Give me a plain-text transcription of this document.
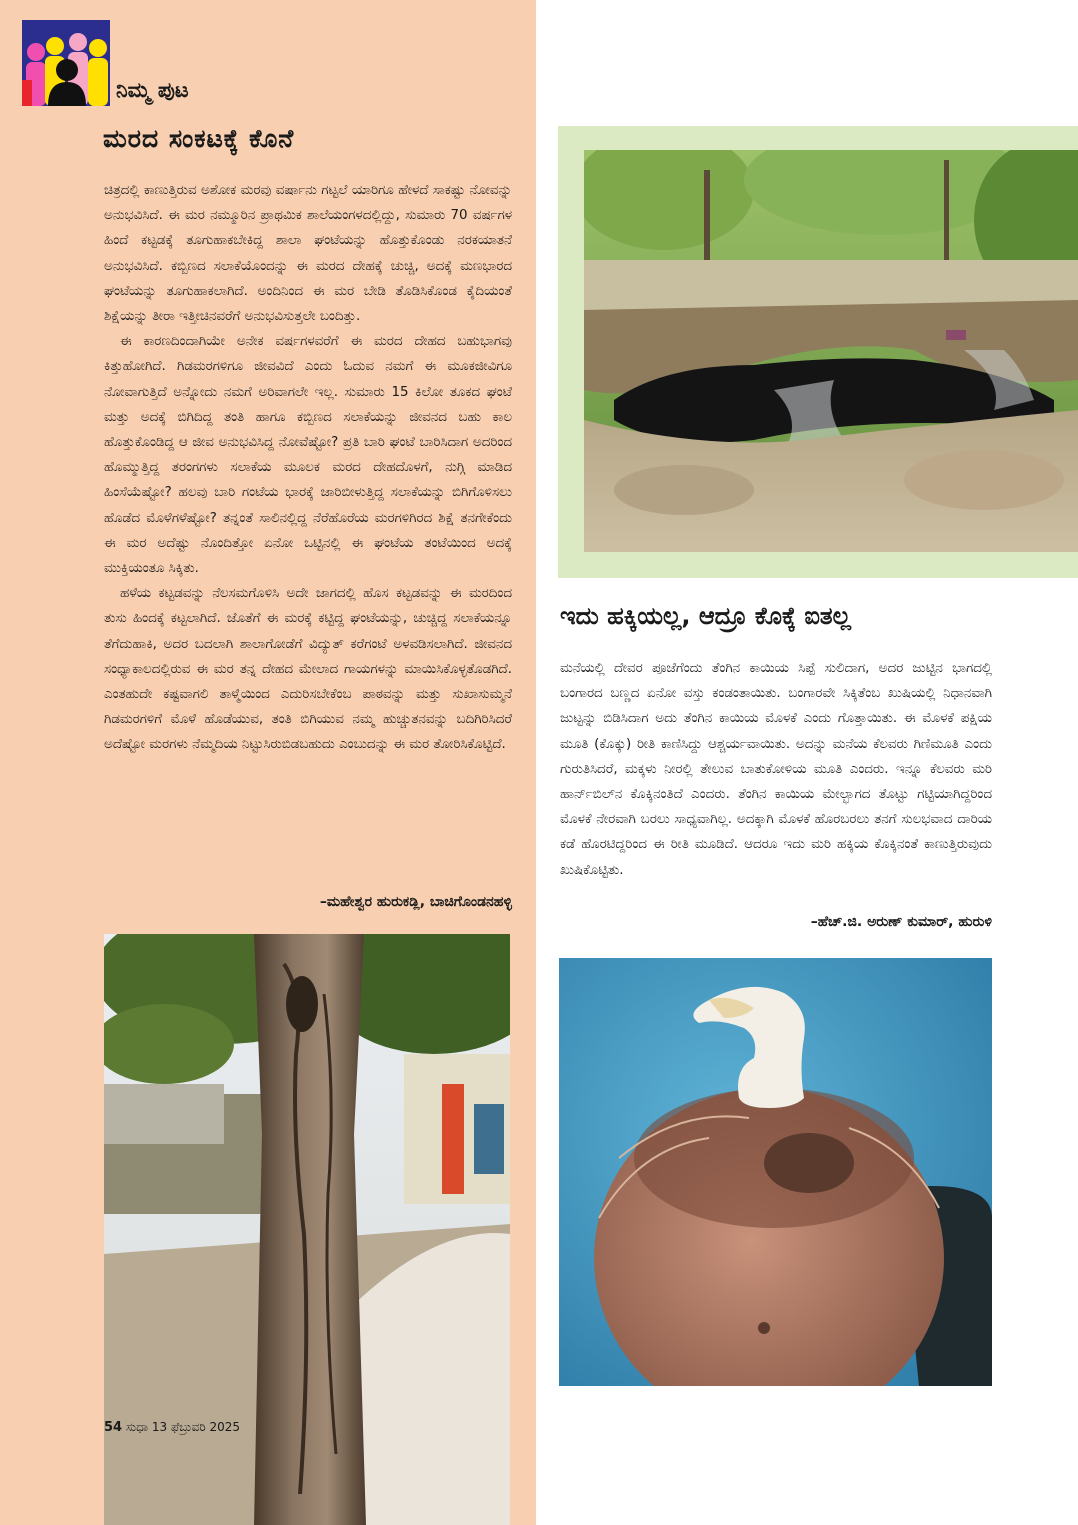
ನಿಮ್ಮ ಪುಟ
ಮರದ ಸಂಕಟಕ್ಕೆ ಕೊನೆ

ಚಿತ್ರದಲ್ಲಿ ಕಾಣುತ್ತಿರುವ ಅಶೋಕ ಮರವು ವರ್ಷಾನು ಗಟ್ಟಲೆ ಯಾರಿಗೂ ಹೇಳದೆ ಸಾಕಷ್ಟು ನೋವನ್ನು ಅನುಭವಿಸಿದೆ. ಈ ಮರ ನಮ್ಮೂರಿನ ಪ್ರಾಥಮಿಕ ಶಾಲೆಯಂಗಳದಲ್ಲಿದ್ದು, ಸುಮಾರು 70 ವರ್ಷಗಳ ಹಿಂದೆ ಕಟ್ಟಡಕ್ಕೆ ತೂಗುಹಾಕಬೇಕಿದ್ದ ಶಾಲಾ ಘಂಟೆಯನ್ನು ಹೊತ್ತುಕೊಂಡು ನರಕಯಾತನೆ ಅನುಭವಿಸಿದೆ. ಕಬ್ಬಿಣದ ಸಲಾಕೆಯೊಂದನ್ನು ಈ ಮರದ ದೇಹಕ್ಕೆ ಚುಚ್ಚಿ, ಅದಕ್ಕೆ ಮಣಭಾರದ ಘಂಟೆಯನ್ನು ತೂಗುಹಾಕಲಾಗಿದೆ. ಅಂದಿನಿಂದ ಈ ಮರ ಬೇಡಿ ತೊಡಿಸಿಕೊಂಡ ಕೈದಿಯಂತೆ ಶಿಕ್ಷೆಯನ್ನು ತೀರಾ ಇತ್ತೀಚಿನವರೆಗೆ ಅನುಭವಿಸುತ್ತಲೇ ಬಂದಿತ್ತು.

ಈ ಕಾರಣದಿಂದಾಗಿಯೇ ಅನೇಕ ವರ್ಷಗಳವರೆಗೆ ಈ ಮರದ ದೇಹದ ಬಹುಭಾಗವು ಕಿತ್ತುಹೋಗಿದೆ. ಗಿಡಮರಗಳಿಗೂ ಜೀವವಿದೆ ಎಂದು ಓದುವ ನಮಗೆ ಈ ಮೂಕಜೀವಿಗೂ ನೋವಾಗುತ್ತಿದೆ ಅನ್ನೋದು ನಮಗೆ ಅರಿವಾಗಲೇ ಇಲ್ಲ. ಸುಮಾರು 15 ಕಿಲೋ ತೂಕದ ಘಂಟೆ ಮತ್ತು ಅದಕ್ಕೆ ಬಿಗಿದಿದ್ದ ತಂತಿ ಹಾಗೂ ಕಬ್ಬಿಣದ ಸಲಾಕೆಯನ್ನು ಜೀವನದ ಬಹು ಕಾಲ ಹೊತ್ತುಕೊಂಡಿದ್ದ ಆ ಜೀವ ಅನುಭವಿಸಿದ್ದ ನೋವೆಷ್ಟೋ? ಪ್ರತಿ ಬಾರಿ ಘಂಟೆ ಬಾರಿಸಿದಾಗ ಅದರಿಂದ ಹೊಮ್ಮುತ್ತಿದ್ದ ತರಂಗಗಳು ಸಲಾಕೆಯ ಮೂಲಕ ಮರದ ದೇಹದೊಳಗೆ, ನುಗ್ಗಿ ಮಾಡಿದ ಹಿಂಸೆಯೆಷ್ಟೋ? ಹಲವು ಬಾರಿ ಗಂಟೆಯ ಭಾರಕ್ಕೆ ಜಾರಿಬೀಳುತ್ತಿದ್ದ ಸಲಾಕೆಯನ್ನು ಬಿಗಿಗೊಳಿಸಲು ಹೊಡೆದ ಮೊಳೆಗಳೆಷ್ಟೋ? ತನ್ನಂತೆ ಸಾಲಿನಲ್ಲಿದ್ದ ನೆರೆಹೊರೆಯ ಮರಗಳಿಗಿರದ ಶಿಕ್ಷೆ ತನಗೇಕೆಂದು ಈ ಮರ ಅದೆಷ್ಟು ನೊಂದಿತ್ತೋ ಏನೋ ಒಟ್ಟಿನಲ್ಲಿ ಈ ಘಂಟೆಯ ತಂಟೆಯಿಂದ ಅದಕ್ಕೆ ಮುಕ್ತಿಯಂತೂ ಸಿಕ್ಕಿತು.

ಹಳೆಯ ಕಟ್ಟಡವನ್ನು ನೆಲಸಮಗೊಳಿಸಿ ಅದೇ ಜಾಗದಲ್ಲಿ ಹೊಸ ಕಟ್ಟಡವನ್ನು ಈ ಮರದಿಂದ ತುಸು ಹಿಂದಕ್ಕೆ ಕಟ್ಟಲಾಗಿದೆ. ಜೊತೆಗೆ ಈ ಮರಕ್ಕೆ ಕಟ್ಟಿದ್ದ ಘಂಟೆಯನ್ನು, ಚುಚ್ಚಿದ್ದ ಸಲಾಕೆಯನ್ನೂ ತೆಗೆದುಹಾಕಿ, ಅದರ ಬದಲಾಗಿ ಶಾಲಾಗೋಡೆಗೆ ವಿದ್ಯುತ್ ಕರೆಗಂಟೆ ಅಳವಡಿಸಲಾಗಿದೆ. ಜೀವನದ ಸಂಧ್ಯಾಕಾಲದಲ್ಲಿರುವ ಈ ಮರ ತನ್ನ ದೇಹದ ಮೇಲಾದ ಗಾಯಗಳನ್ನು ಮಾಯಿಸಿಕೊಳ್ಳತೊಡಗಿದೆ. ಎಂತಹುದೇ ಕಷ್ಟವಾಗಲಿ ತಾಳ್ಮೆಯಿಂದ ಎದುರಿಸಬೇಕೆಂಬ ಪಾಠವನ್ನು ಮತ್ತು ಸುಖಾಸುಮ್ಮನೆ ಗಿಡಮರಗಳಿಗೆ ಮೊಳೆ ಹೊಡೆಯುವ, ತಂತಿ ಬಿಗಿಯುವ ನಮ್ಮ ಹುಚ್ಚುತನವನ್ನು ಬದಿಗಿರಿಸಿದರೆ ಅದೆಷ್ಟೋ ಮರಗಳು ನೆಮ್ಮದಿಯ ನಿಟ್ಟುಸಿರುಬಿಡಬಹುದು ಎಂಬುದನ್ನು ಈ ಮರ ತೋರಿಸಿಕೊಟ್ಟಿದೆ.

–ಮಹೇಶ್ವರ ಹುರುಕಡ್ಲಿ, ಬಾಚಿಗೊಂಡನಹಳ್ಳಿ
54 ಸುಧಾ 13 ಫೆಬ್ರುವರಿ 2025
ಇದು ಹಕ್ಕಿಯಲ್ಲ, ಆದ್ರೂ ಕೊಕ್ಕೆ ಐತಲ್ಲ

ಮನೆಯಲ್ಲಿ ದೇವರ ಪೂಜೆಗೆಂದು ತೆಂಗಿನ ಕಾಯಿಯ ಸಿಪ್ಪೆ ಸುಲಿದಾಗ, ಅದರ ಜುಟ್ಟಿನ ಭಾಗದಲ್ಲಿ ಬಂಗಾರದ ಬಣ್ಣದ ಏನೋ ವಸ್ತು ಕಂಡಂತಾಯಿತು. ಬಂಗಾರವೇ ಸಿಕ್ಕಿತೆಂಬ ಖುಷಿಯಲ್ಲಿ ನಿಧಾನವಾಗಿ ಜುಟ್ಟನ್ನು ಬಿಡಿಸಿದಾಗ ಅದು ತೆಂಗಿನ ಕಾಯಿಯ ಮೊಳಕೆ ಎಂದು ಗೊತ್ತಾಯಿತು. ಈ ಮೊಳಕೆ ಪಕ್ಷಿಯ ಮೂತಿ (ಕೊಕ್ಕು) ರೀತಿ ಕಾಣಿಸಿದ್ದು ಆಶ್ಚರ್ಯವಾಯಿತು. ಅದನ್ನು ಮನೆಯ ಕೆಲವರು ಗಿಣಿಮೂತಿ ಎಂದು ಗುರುತಿಸಿದರೆ, ಮಕ್ಕಳು ನೀರಲ್ಲಿ ತೇಲುವ ಬಾತುಕೋಳಿಯ ಮೂತಿ ಎಂದರು. ಇನ್ನೂ ಕೆಲವರು ಮರಿ ಹಾರ್ನ್‌ಬಿಲ್‌ನ ಕೊಕ್ಕಿನಂತಿದೆ ಎಂದರು. ತೆಂಗಿನ ಕಾಯಿಯ ಮೇಲ್ಭಾಗದ ತೊಟ್ಟು ಗಟ್ಟಿಯಾಗಿದ್ದರಿಂದ ಮೊಳಕೆ ನೇರವಾಗಿ ಬರಲು ಸಾಧ್ಯವಾಗಿಲ್ಲ. ಅದಕ್ಕಾಗಿ ಮೊಳಕೆ ಹೊರಬರಲು ತನಗೆ ಸುಲಭವಾದ ದಾರಿಯ ಕಡೆ ಹೊರಟಿದ್ದರಿಂದ ಈ ರೀತಿ ಮೂಡಿದೆ. ಆದರೂ ಇದು ಮರಿ ಹಕ್ಕಿಯ ಕೊಕ್ಕಿನಂತೆ ಕಾಣುತ್ತಿರುವುದು ಖುಷಿಕೊಟ್ಟಿತು.

–ಹೆಚ್.ಜಿ. ಅರುಣ್ ಕುಮಾರ್, ಹುರುಳಿ
